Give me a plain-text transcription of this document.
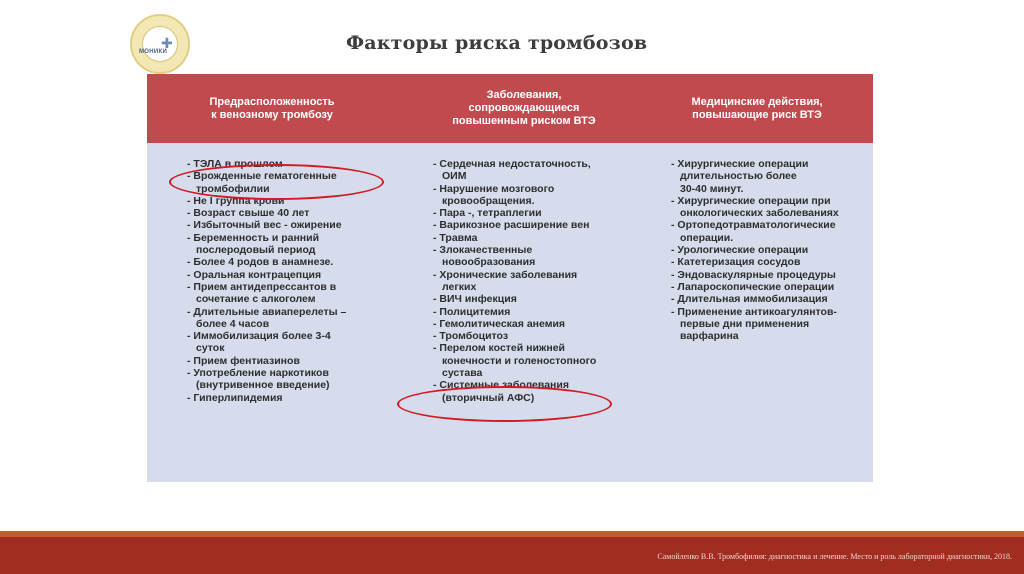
✚
МОНИКИ	Факторы риска тромбозов
Предрасположенность
к венозному тромбозу
Заболевания,
сопровождающиеся
повышенным риском ВТЭ
Медицинские действия,
повышающие риск ВТЭ
- ТЭЛА в прошлом

- Врожденные гематогенные

тромбофилии
- Не I группа крови

- Возраст свыше 40 лет

- Избыточный вес - ожирение

- Беременность и ранний

послеродовый период
- Более 4 родов в анамнезе.

- Оральная контрацепция

- Прием антидепрессантов в

сочетание с алкоголем
- Длительные авиаперелеты –

более 4 часов
- Иммобилизация более 3-4

суток
- Прием фентиазинов

- Употребление наркотиков

(внутривенное введение)
- Гиперлипидемия

- Сердечная недостаточность,

ОИМ
- Нарушение мозгового

кровообращения.
- Пара -, тетраплегии

- Варикозное расширение вен

- Травма

- Злокачественные

новообразования
- Хронические заболевания

легких
- ВИЧ инфекция

- Полицитемия

- Гемолитическая анемия

- Тромбоцитоз

- Перелом костей нижней

конечности и голеностопного
сустава
- Системные заболевания

(вторичный АФС)
- Хирургические операции

длительностью более
30-40 минут.
- Хирургические операции при

онкологических заболеваниях
- Ортопедотравматологические

операции.
- Урологические операции

- Катетеризация сосудов

- Эндоваскулярные процедуры

- Лапароскопические операции

- Длительная иммобилизация

- Применение антикоагулянтов-

первые дни применения
варфарина
Самойленко В.В. Тромбофилия: диагностика и лечение. Место и роль лабораторной диагностики, 2018.
